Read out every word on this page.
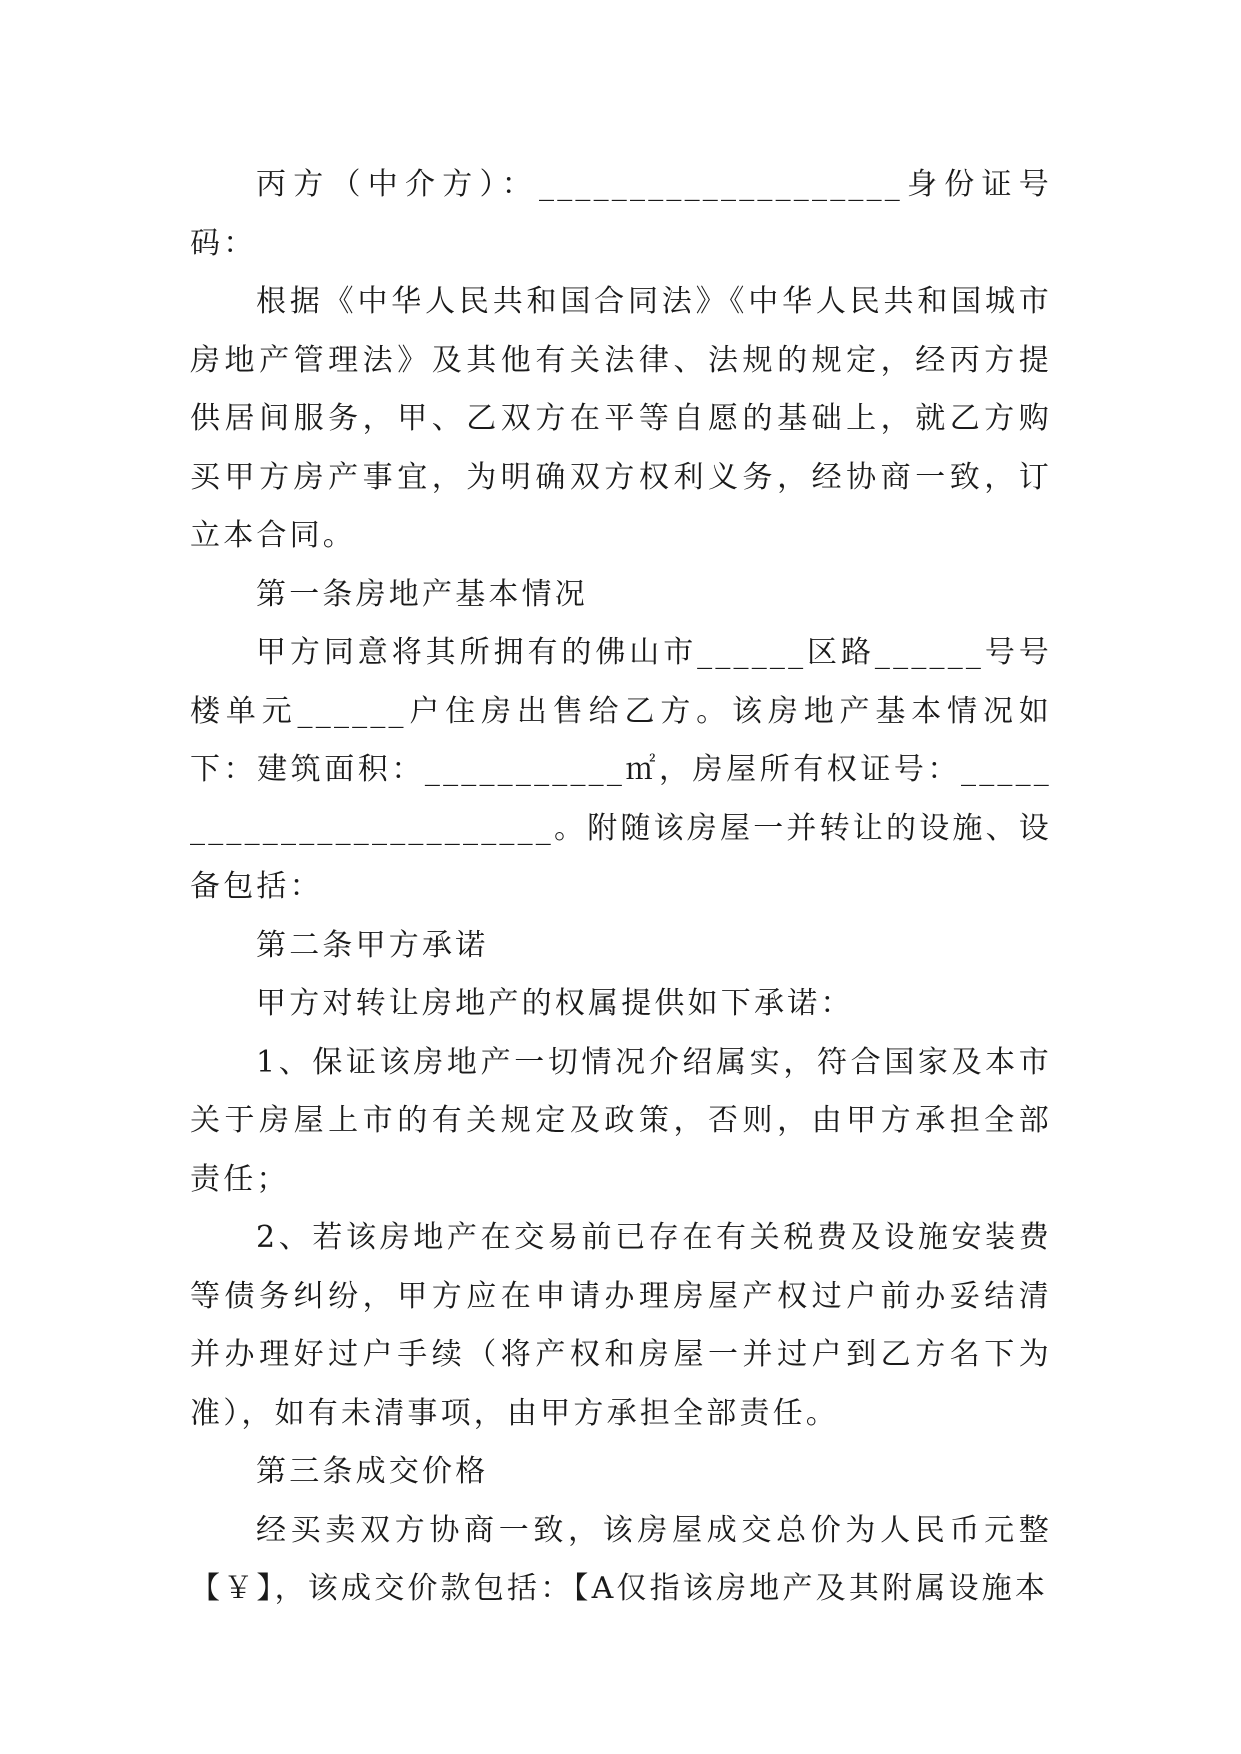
丙方（中介方）：____________________身份证号码：

根据《中华人民共和国合同法》《中华人民共和国城市房地产管理法》及其他有关法律、法规的规定，经丙方提供居间服务，甲、乙双方在平等自愿的基础上，就乙方购买甲方房产事宜，为明确双方权利义务，经协商一致，订立本合同。

第一条房地产基本情况

甲方同意将其所拥有的佛山市______区路______号号楼单元______户住房出售给乙方。该房地产基本情况如下：建筑面积：___________㎡，房屋所有权证号：_________________________。附随该房屋一并转让的设施、设备包括：

第二条甲方承诺

甲方对转让房地产的权属提供如下承诺：

1、保证该房地产一切情况介绍属实，符合国家及本市关于房屋上市的有关规定及政策，否则，由甲方承担全部责任；

2、若该房地产在交易前已存在有关税费及设施安装费等债务纠纷，甲方应在申请办理房屋产权过户前办妥结清并办理好过户手续（将产权和房屋一并过户到乙方名下为准），如有未清事项，由甲方承担全部责任。

第三条成交价格

经买卖双方协商一致，该房屋成交总价为人民币元整【￥】，该成交价款包括：【A仅指该房地产及其附属设施本
